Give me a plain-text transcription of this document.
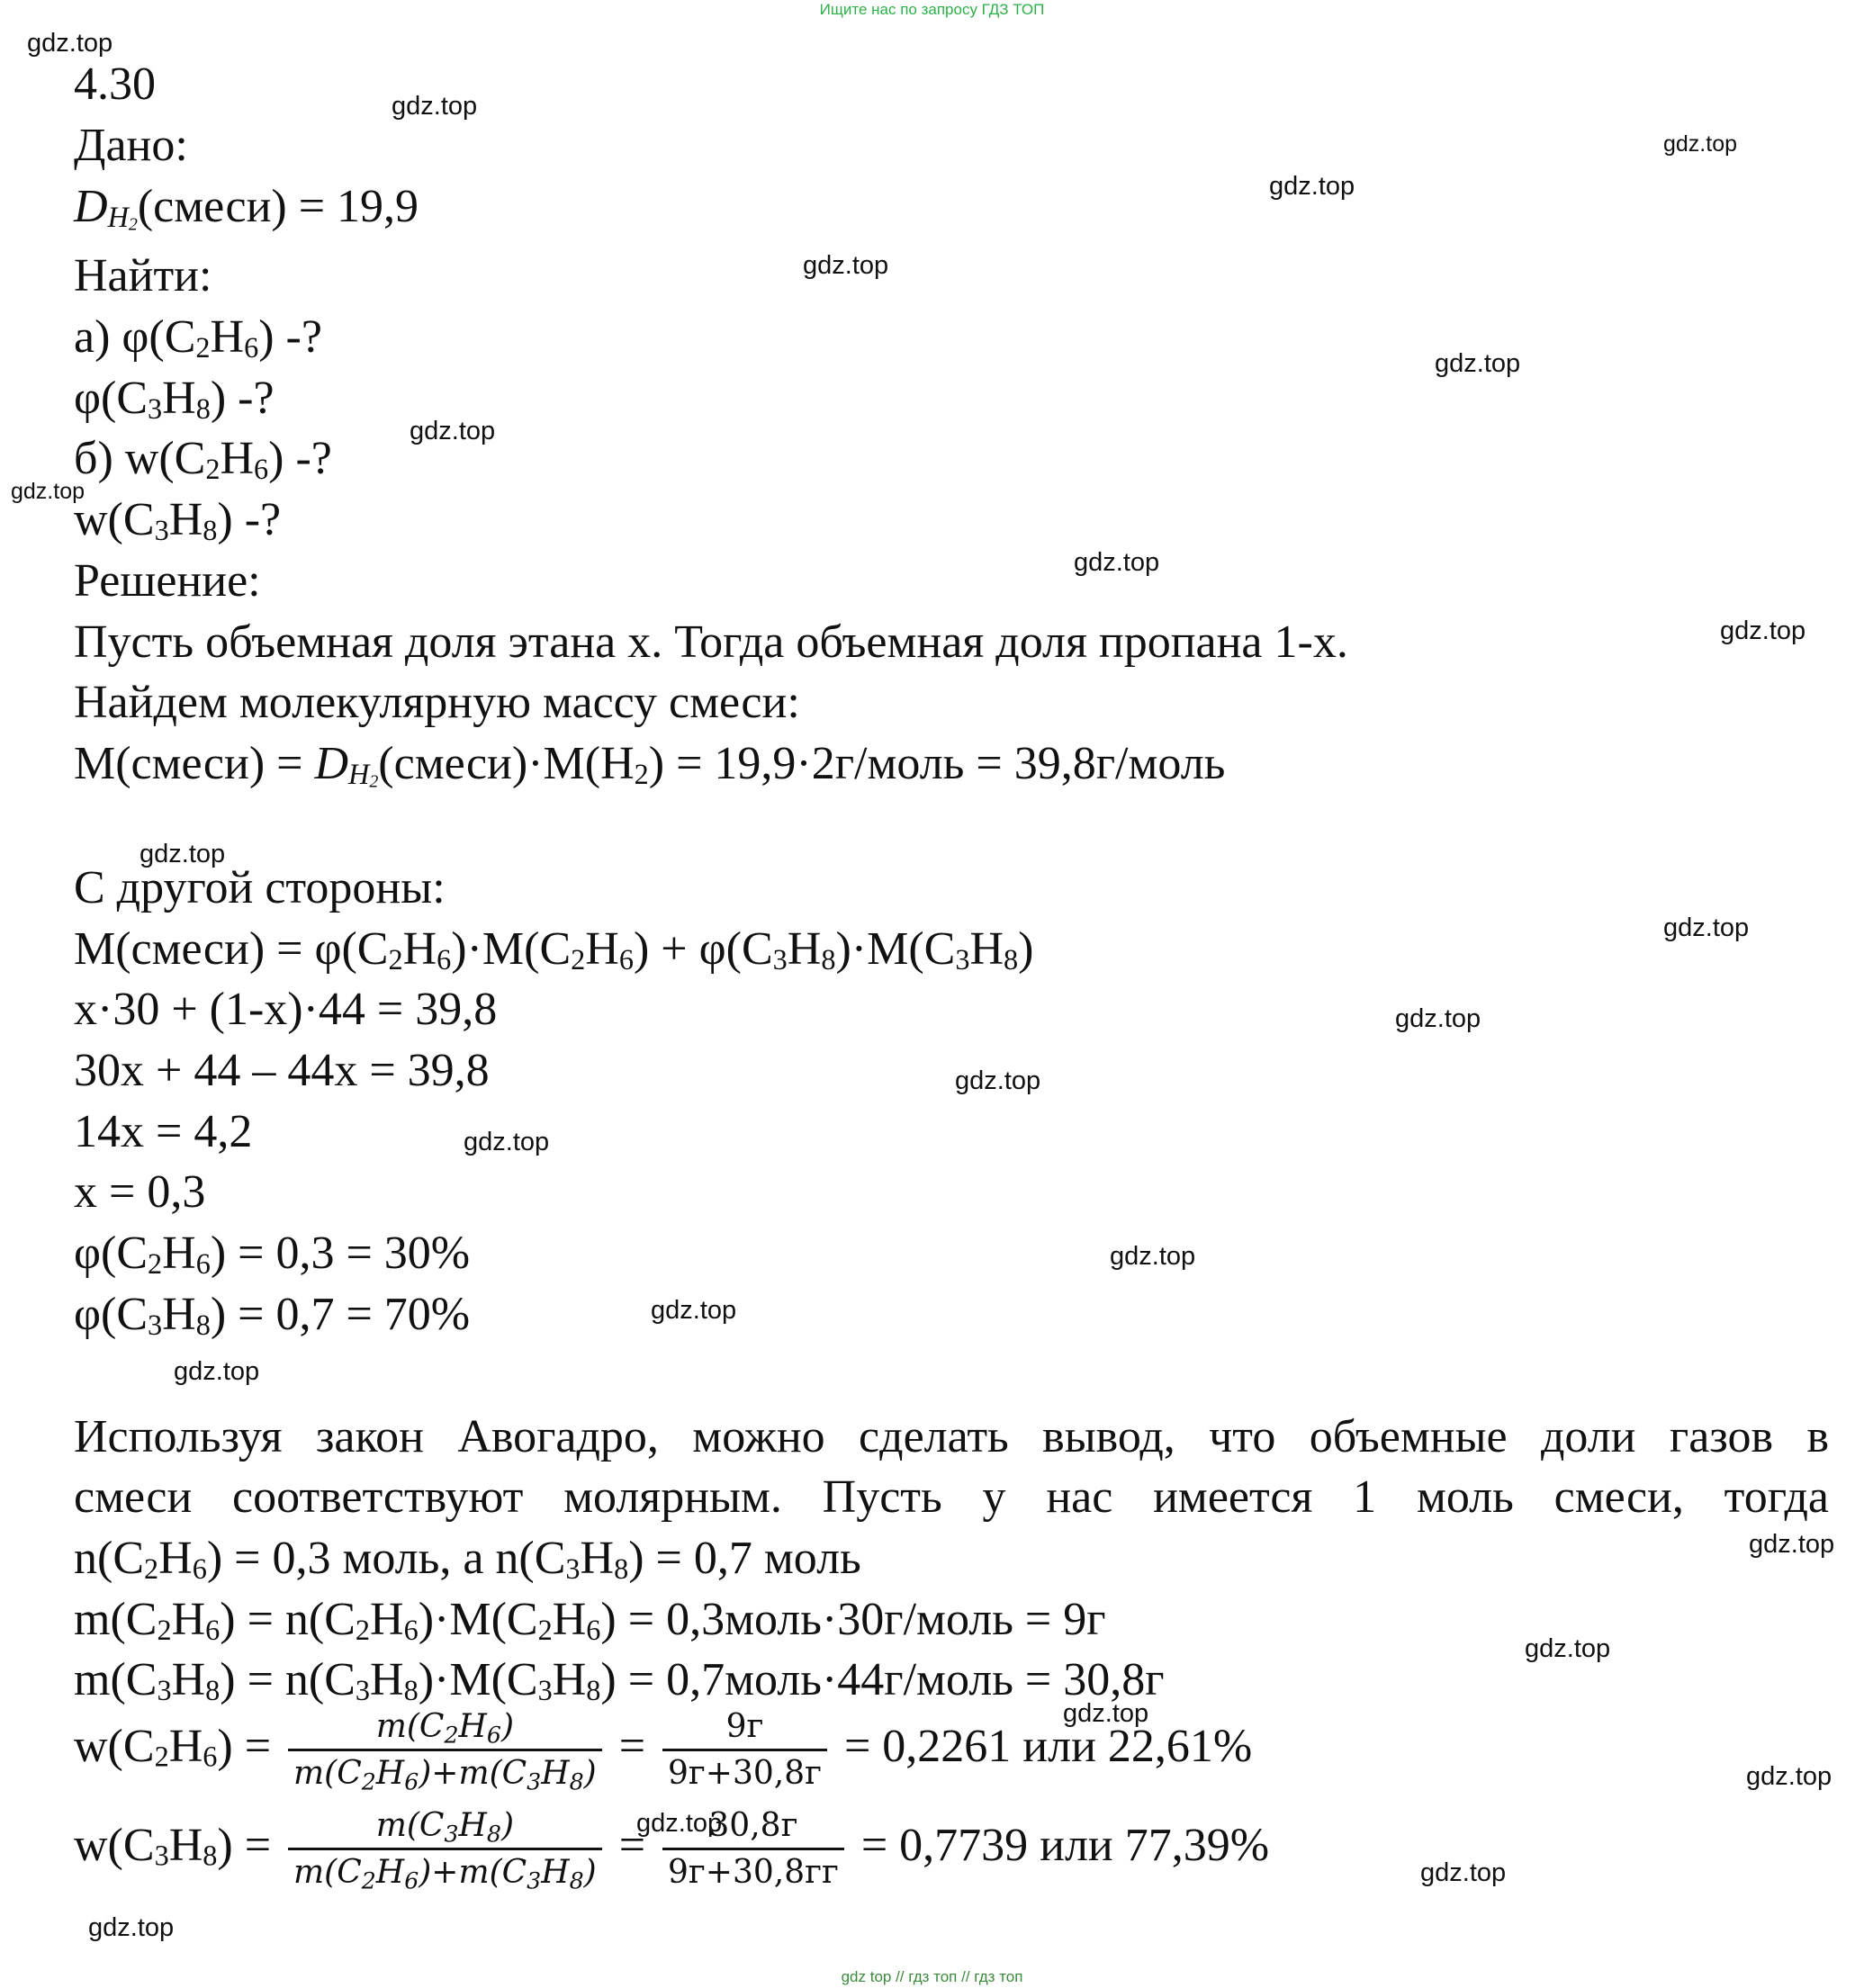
Ищите нас по запросу ГДЗ ТОП
gdz.top
gdz.top
gdz.top
gdz.top
gdz.top
gdz.top
gdz.top
gdz.top
gdz.top
gdz.top
gdz.top
gdz.top
gdz.top
gdz.top
gdz.top
gdz.top
gdz.top
gdz.top
gdz.top
gdz.top
gdz.top
gdz.top
gdz.top
gdz.top
gdz.top
4.30
Дано:
$D_{H_2}(смеси) = 19,9$
Найти:
а) $\varphi(C_2H_6)$ -?
$\varphi(C_3H_8)$ -?
б) $w(C_2H_6)$ -?
$w(C_3H_8)$ -?
Решение:
Пусть объемная доля этана x. Тогда объемная доля пропана 1-x.
Найдем молекулярную массу смеси:
M(смеси) = $D_{H_2}(смеси)\cdot M(H_2)$ = 19,9·2г/моль = 39,8г/моль
С другой стороны:
M(смеси) = $\varphi(C_2H_6)\cdot M(C_2H_6) + \varphi(C_3H_8)\cdot M(C_3H_8)$
x·30 + (1-x)·44 = 39,8
30x + 44 – 44x = 39,8
14x = 4,2
x = 0,3
$\varphi(C_2H_6) = 0,3 = 30\%$
$\varphi(C_3H_8) = 0,7 = 70\%$
Используя закон Авогадро, можно сделать вывод, что объемные доли газов в
смеси соответствуют молярным. Пусть у нас имеется 1 моль смеси, тогда
$n(C_2H_6) = 0,3$ моль, а $n(C_3H_8) = 0,7$ моль
$m(C_2H_6) = n(C_2H_6)\cdot M(C_2H_6)$ = 0,3моль·30г/моль = 9г
$m(C_3H_8) = n(C_3H_8)\cdot M(C_3H_8)$ = 0,7моль·44г/моль = 30,8г
$w(C_2H_6) = \frac{m(C_2H_6)}{m(C_2H_6)+m(C_3H_8)} = \frac{9г}{9г+30,8г} = 0,2261$ или 22,61%
$w(C_3H_8) = \frac{m(C_3H_8)}{m(C_2H_6)+m(C_3H_8)} = \frac{30,8г}{9г+30,8гг} = 0,7739$ или 77,39%
gdz top // гдз топ // гдз топ
